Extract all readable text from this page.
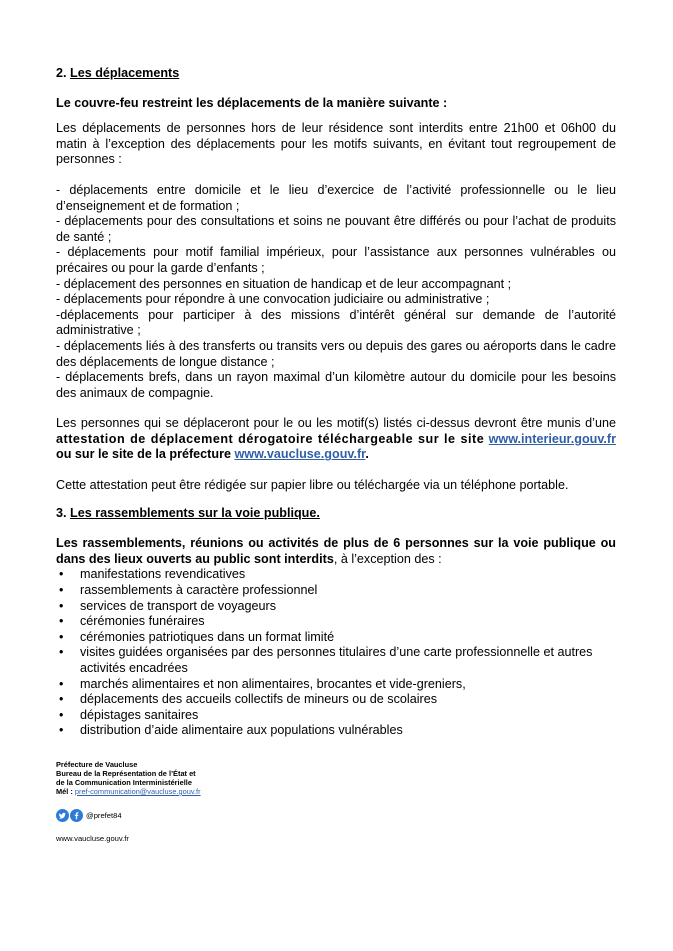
2. Les déplacements
Le couvre-feu restreint les déplacements de la manière suivante :

Les déplacements de personnes hors de leur résidence sont interdits entre 21h00 et 06h00 du matin à l’exception des déplacements pour les motifs suivants, en évitant tout regroupement de personnes :

- déplacements entre domicile et le lieu d’exercice de l’activité professionnelle ou le lieu d’enseignement et de formation ;
- déplacements pour des consultations et soins ne pouvant être différés ou pour l’achat de produits de santé ;
- déplacements pour motif familial impérieux, pour l’assistance aux personnes vulnérables ou précaires ou pour la garde d’enfants ;
- déplacement des personnes en situation de handicap et de leur accompagnant ;
- déplacements pour répondre à une convocation judiciaire ou administrative ;
-déplacements pour participer à des missions d’intérêt général sur demande de l’autorité administrative ;
- déplacements liés à des transferts ou transits vers ou depuis des gares ou aéroports dans le cadre des déplacements de longue distance ;
- déplacements brefs, dans un rayon maximal d’un kilomètre autour du domicile pour les besoins des animaux de compagnie.

Les personnes qui se déplaceront pour le ou les motif(s) listés ci-dessus devront être munis d’une attestation de déplacement dérogatoire téléchargeable sur le site www.interieur.gouv.fr ou sur le site de la préfecture www.vaucluse.gouv.fr.

Cette attestation peut être rédigée sur papier libre ou téléchargée via un téléphone portable.

3. Les rassemblements sur la voie publique.

Les rassemblements, réunions ou activités de plus de 6 personnes sur la voie publique ou dans des lieux ouverts au public sont interdits, à l’exception des :

• manifestations revendicatives
• rassemblements à caractère professionnel
• services de transport de voyageurs
• cérémonies funéraires
• cérémonies patriotiques dans un format limité
• visites guidées organisées par des personnes titulaires d’une carte professionnelle et autres activités encadrées
• marchés alimentaires et non alimentaires, brocantes et vide-greniers,
• déplacements des accueils collectifs de mineurs ou de scolaires
• dépistages sanitaires
• distribution d’aide alimentaire aux populations vulnérables
Préfecture de Vaucluse
Bureau de la Représentation de l’État et
de la Communication Interministérielle
Mél : pref-communication@vaucluse.gouv.fr
@prefet84
www.vaucluse.gouv.fr
